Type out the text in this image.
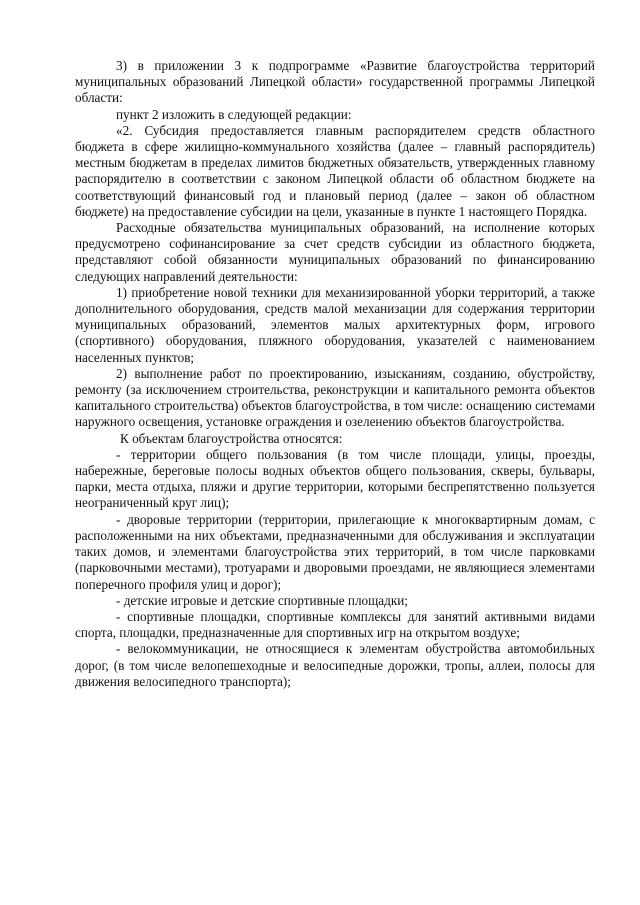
3) в приложении 3 к подпрограмме «Развитие благоустройства территорий муниципальных образований Липецкой области» государственной программы Липецкой области:

пункт 2 изложить в следующей редакции:

«2. Субсидия предоставляется главным распорядителем средств областного бюджета в сфере жилищно-коммунального хозяйства (далее – главный распорядитель) местным бюджетам в пределах лимитов бюджетных обязательств, утвержденных главному распорядителю в соответствии с законом Липецкой области об областном бюджете на соответствующий финансовый год и плановый период (далее – закон об областном бюджете) на предоставление субсидии на цели, указанные в пункте 1 настоящего Порядка.

Расходные обязательства муниципальных образований, на исполнение которых предусмотрено софинансирование за счет средств субсидии из областного бюджета, представляют собой обязанности муниципальных образований по финансированию следующих направлений деятельности:

1) приобретение новой техники для механизированной уборки территорий, а также дополнительного оборудования, средств малой механизации для содержания территории муниципальных образований, элементов малых архитектурных форм, игрового (спортивного) оборудования, пляжного оборудования, указателей с наименованием населенных пунктов;

2) выполнение работ по проектированию, изысканиям, созданию, обустройству, ремонту (за исключением строительства, реконструкции и капитального ремонта объектов капитального строительства) объектов благоустройства, в том числе: оснащению системами наружного освещения, установке ограждения и озеленению объектов благоустройства.

К объектам благоустройства относятся:

- территории общего пользования (в том числе площади, улицы, проезды, набережные, береговые полосы водных объектов общего пользования, скверы, бульвары, парки, места отдыха, пляжи и другие территории, которыми беспрепятственно пользуется неограниченный круг лиц);

- дворовые территории (территории, прилегающие к многоквартирным домам, с расположенными на них объектами, предназначенными для обслуживания и эксплуатации таких домов, и элементами благоустройства этих территорий, в том числе парковками (парковочными местами), тротуарами и дворовыми проездами, не являющиеся элементами поперечного профиля улиц и дорог);

- детские игровые и детские спортивные площадки;

- спортивные площадки, спортивные комплексы для занятий активными видами спорта, площадки, предназначенные для спортивных игр на открытом воздухе;

- велокоммуникации, не относящиеся к элементам обустройства автомобильных дорог, (в том числе велопешеходные и велосипедные дорожки, тропы, аллеи, полосы для движения велосипедного транспорта);
